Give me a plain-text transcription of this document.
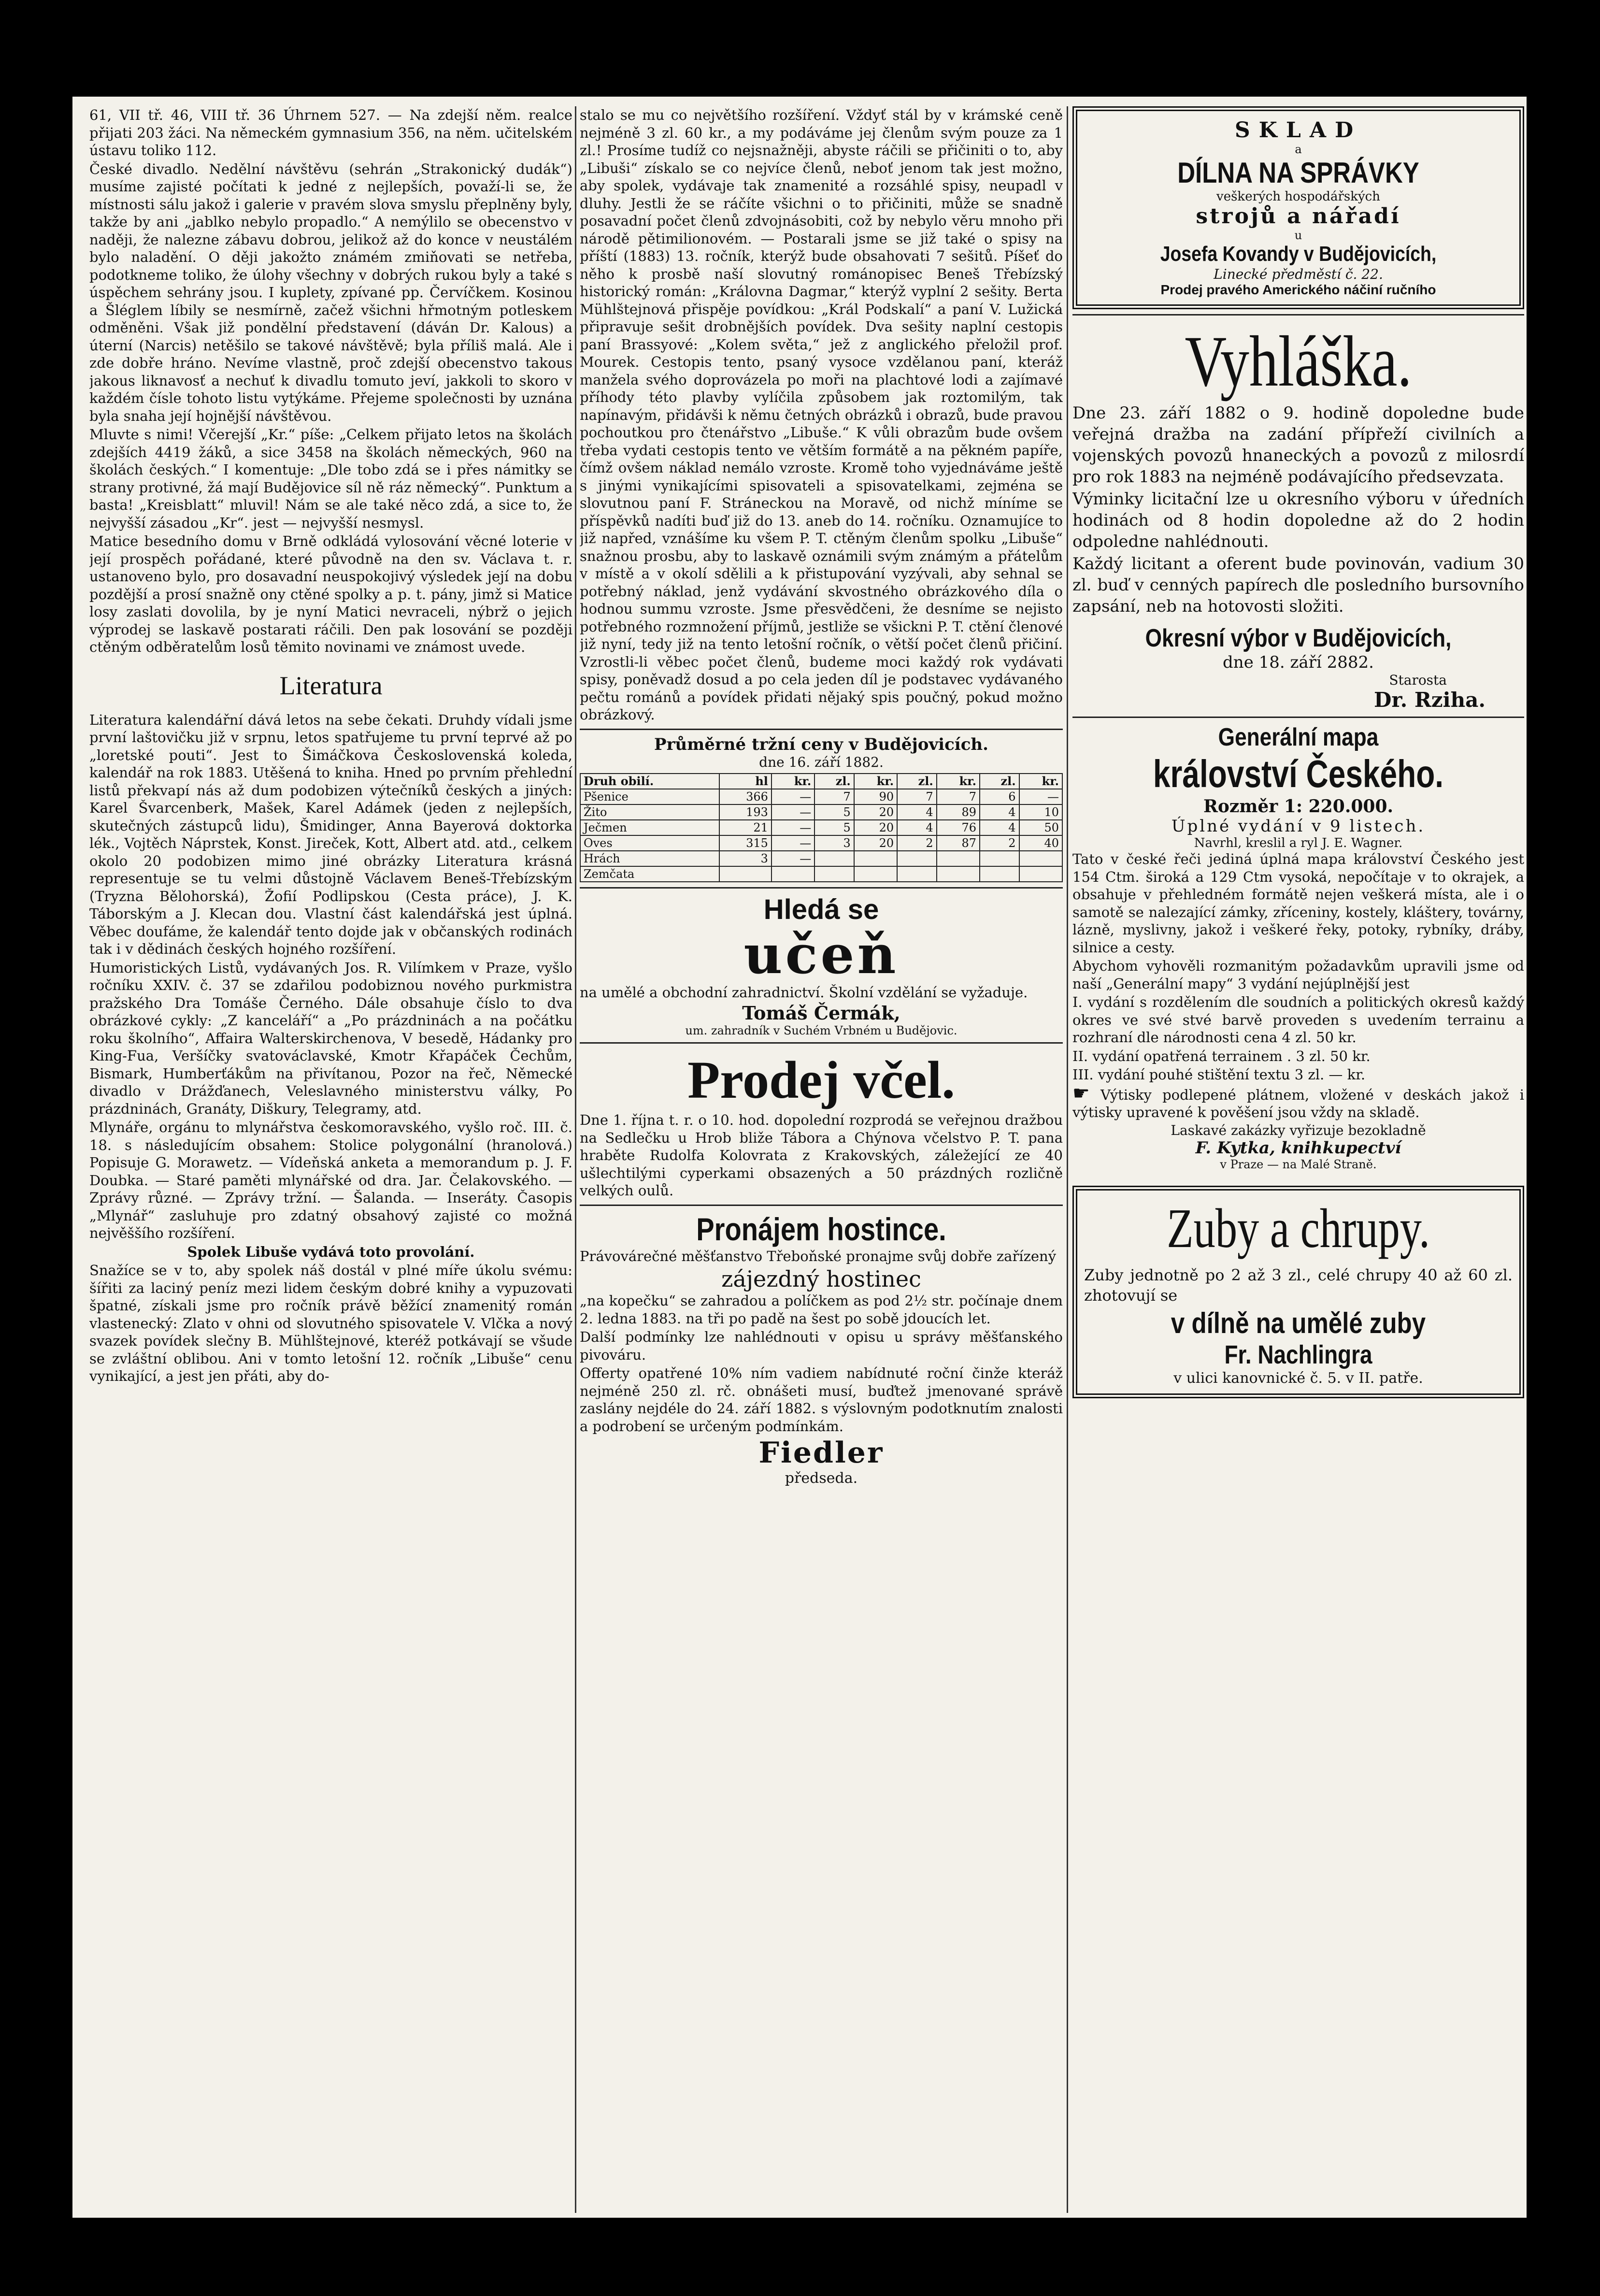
61, VII tř. 46, VIII tř. 36 Úhrnem 527. — Na zdejší něm. realce přijati 203 žáci. Na německém gymnasium 356, na něm. učitelském ústavu toliko 112.

České divadlo. Nedělní návštěvu (sehrán „Strakonický dudák“) musíme zajisté počítati k jedné z nejlepších, považí-li se, že místnosti sálu jakož i galerie v pravém slova smyslu přeplněny byly, takže by ani „jablko nebylo propadlo.“ A nemýlilo se obecenstvo v naději, že nalezne zábavu dobrou, jelikož až do konce v neustálém bylo naladění. O ději jakožto známém zmiňovati se netřeba, podotkneme toliko, že úlohy všechny v dobrých rukou byly a také s úspěchem sehrány jsou. I kuplety, zpívané pp. Červíčkem. Kosinou a Šléglem líbily se nesmírně, začež všichni hřmotným potleskem odměněni. Však již pondělní představení (dáván Dr. Kalous) a úterní (Narcis) netěšilo se takové návštěvě; byla příliš malá. Ale i zde dobře hráno. Nevíme vlastně, proč zdejší obecenstvo takous jakous liknavosť a nechuť k divadlu tomuto jeví, jakkoli to skoro v každém čísle tohoto listu vytýkáme. Přejeme společnosti by uznána byla snaha její hojnější návštěvou.

Mluvte s nimi! Včerejší „Kr.“ píše: „Celkem přijato letos na školách zdejších 4419 žáků, a sice 3458 na školách německých, 960 na školách českých.“ I komentuje: „Dle tobo zdá se i přes námitky se strany protivné, žá mají Budějovice síl ně ráz německý“. Punktum a basta! „Kreisblatt“ mluvil! Nám se ale také něco zdá, a sice to, že nejvyšší zásadou „Kr“. jest — nejvyšší nesmysl.

Matice besedního domu v Brně odkládá vylosování věcné loterie v její prospěch pořádané, které původně na den sv. Václava t. r. ustanoveno bylo, pro dosavadní neuspokojivý výsledek její na dobu pozdější a prosí snažně ony ctěné spolky a p. t. pány, jimž si Matice losy zaslati dovolila, by je nyní Matici nevraceli, nýbrž o jejich výprodej se laskavě postarati ráčili. Den pak losování se později ctěným odběratelům losů těmito novinami ve známost uvede.

Literatura

Literatura kalendářní dává letos na sebe čekati. Druhdy vídali jsme první laštovičku již v srpnu, letos spatřujeme tu první teprvé až po „loretské pouti“. Jest to Šimáčkova Československá koleda, kalendář na rok 1883. Utěšená to kniha. Hned po prvním přehlední listů překvapí nás až dum podobizen výtečníků českých a jiných: Karel Švarcenberk, Mašek, Karel Adámek (jeden z nejlepších, skutečných zástupců lidu), Šmidinger, Anna Bayerová doktorka lék., Vojtěch Náprstek, Konst. Jireček, Kott, Albert atd. atd., celkem okolo 20 podobizen mimo jiné obrázky Literatura krásná representuje se tu velmi důstojně Václavem Beneš-Třebízským (Tryzna Bělohorská), Žofií Podlipskou (Cesta práce), J. K. Táborským a J. Klecan dou. Vlastní část kalendářská jest úplná. Věbec doufáme, že kalendář tento dojde jak v občanských rodinách tak i v dědinách českých hojného rozšíření.

Humoristických Listů, vydávaných Jos. R. Vilímkem v Praze, vyšlo ročníku XXIV. č. 37 se zdařilou podobiznou nového purkmistra pražského Dra Tomáše Černého. Dále obsahuje číslo to dva obrázkové cykly: „Z kanceláří“ a „Po prázdninách a na počátku roku školního“, Affaira Walterskirchenova, V besedě, Hádanky pro King-Fua, Veršíčky svatováclavské, Kmotr Křapáček Čechům, Bismark, Humberťákům na přivítanou, Pozor na řeč, Německé divadlo v Drážďanech, Veleslavného ministerstvu války, Po prázdninách, Granáty, Diškury, Telegramy, atd.

Mlynáře, orgánu to mlynářstva českomoravského, vyšlo roč. III. č. 18. s následujícím obsahem: Stolice polygonální (hranolová.) Popisuje G. Morawetz. — Vídeňská anketa a memorandum p. J. F. Doubka. — Staré paměti mlynářské od dra. Jar. Čelakovského. — Zprávy různé. — Zprávy tržní. — Šalanda. — Inseráty. Časopis „Mlynář“ zasluhuje pro zdatný obsahový zajisté co možná nejvěššího rozšíření.

Spolek Libuše vydává toto provolání.

Snažíce se v to, aby spolek náš dostál v plné míře úkolu svému: šířiti za laciný peníz mezi lidem českým dobré knihy a vypuzovati špatné, získali jsme pro ročník právě běžící znamenitý román vlastenecký: Zlato v ohni od slovutného spisovatele V. Vlčka a nový svazek povídek slečny B. Mühlštejnové, kteréž potkávají se všude se zvláštní oblibou. Ani v tomto letošní 12. ročník „Libuše“ cenu vynikající, a jest jen přáti, aby do-

stalo se mu co největšího rozšíření. Vždyť stál by v krámské ceně nejméně 3 zl. 60 kr., a my podáváme jej členům svým pouze za 1 zl.! Prosíme tudíž co nejsnažněji, abyste ráčili se přičiniti o to, aby „Libuši“ získalo se co nejvíce členů, neboť jenom tak jest možno, aby spolek, vydávaje tak znamenité a rozsáhlé spisy, neupadl v dluhy. Jestli že se ráčíte všichni o to přičiniti, může se snadně posavadní počet členů zdvojnásobiti, což by nebylo věru mnoho při národě pětimilionovém. — Postarali jsme se již také o spisy na příští (1883) 13. ročník, kterýž bude obsahovati 7 sešitů. Píšeť do něho k prosbě naší slovutný románopisec Beneš Třebízský historický román: „Královna Dagmar,“ kterýž vyplní 2 sešity. Berta Mühlštejnová přispěje povídkou: „Král Podskalí“ a paní V. Lužická připravuje sešit drobnějších povídek. Dva sešity naplní cestopis paní Brassyové: „Kolem světa,“ jež z anglického přeložil prof. Mourek. Cestopis tento, psaný vysoce vzdělanou paní, kteráž manžela svého doprovázela po moři na plachtové lodi a zajímavé příhody této plavby vylíčila způsobem jak roztomilým, tak napínavým, přidávši k němu četných obrázků i obrazů, bude pravou pochoutkou pro čtenářstvo „Libuše.“ K vůli obrazům bude ovšem třeba vydati cestopis tento ve větším formátě a na pěkném papíře, čímž ovšem náklad nemálo vzroste. Kromě toho vyjednáváme ještě s jinými vynikajícími spisovateli a spisovatelkami, zejména se slovutnou paní F. Stráneckou na Moravě, od nichž míníme se příspěvků nadíti buď již do 13. aneb do 14. ročníku. Oznamujíce to již napřed, vznášíme ku všem P. T. ctěným členům spolku „Libuše“ snažnou prosbu, aby to laskavě oznámili svým známým a přátelům v místě a v okolí sdělili a k přistupování vyzývali, aby sehnal se potřebný náklad, jenž vydávání skvostného obrázkového díla o hodnou summu vzroste. Jsme přesvědčeni, že desníme se nejisto potřebného rozmnožení příjmů, jestliže se všickni P. T. ctění členové již nyní, tedy již na tento letošní ročník, o větší počet členů přičiní. Vzrostli-li věbec počet členů, budeme moci každý rok vydávati spisy, poněvadž dosud a po cela jeden díl je podstavec vydávaného pečtu románů a povídek přidati nějaký spis poučný, pokud možno obrázkový.

Průměrné tržní ceny v Budějovicích.
dne 16. září 1882.
Druh obilí.	hl	kr.	zl.	kr.	zl.	kr.	zl.	kr.
Pšenice	366	—	7	90	7	7	6	—
Žito	193	—	5	20	4	89	4	10
Ječmen	21	—	5	20	4	76	4	50
Oves	315	—	3	20	2	87	2	40
Hrách	3	—						
Zemčata								
Hledá se
učeň

na umělé a obchodní zahradnictví. Školní vzdělání se vyžaduje.

Tomáš Čermák,
um. zahradník v Suchém Vrbném u Budějovic.
Prodej včel.

Dne 1. října t. r. o 10. hod. dopolední rozprodá se veřejnou dražbou na Sedlečku u Hrob bliže Tábora a Chýnova včelstvo P. T. pana hraběte Rudolfa Kolovrata z Krakovských, záležející ze 40 ušlechtilými cyperkami obsazených a 50 prázdných rozličně velkých oulů.

Pronájem hostince.

Právovárečné měšťanstvo Třeboňské pronajme svůj dobře zařízený

zájezdný hostinec

„na kopečku“ se zahradou a políčkem as pod 2½ str. počínaje dnem 2. ledna 1883. na tři po padě na šest po sobě jdoucích let.

Další podmínky lze nahlédnouti v opisu u správy měšťanského pivováru.

Offerty opatřené 10% ním vadiem nabídnuté roční činže kteráž nejméně 250 zl. rč. obnášeti musí, buďtež jmenované správě zaslány nejdéle do 24. září 1882. s výslovným podotknutím znalosti a podrobení se určeným podmínkám.

Fiedler
předseda.
SKLAD
a
DÍLNA NA SPRÁVKY
veškerých hospodářských
strojů a nářadí
u
Josefa Kovandy v Budějovicích,
Linecké předměstí č. 22.
Prodej pravého Amerického náčiní ručního
Vyhláška.

Dne 23. září 1882 o 9. hodině dopoledne bude veřejná dražba na zadání přípřeží civilních a vojenských povozů hnaneckých a povozů z milosrdí pro rok 1883 na nejméně podávajícího předsevzata.

Výminky licitační lze u okresního výboru v úředních hodinách od 8 hodin dopoledne až do 2 hodin odpoledne nahlédnouti.

Každý licitant a oferent bude povinován, vadium 30 zl. buď v cenných papírech dle posledního bursovního zapsání, neb na hotovosti složiti.

Okresní výbor v Budějovicích,
dne 18. září 2882.
Starosta
Dr. Rziha.
Generální mapa
království Českého.
Rozměr 1: 220.000.
Úplné vydání v 9 listech.
Navrhl, kreslil a ryl J. E. Wagner.

Tato v české řeči jediná úplná mapa království Českého jest 154 Ctm. široká a 129 Ctm vysoká, nepočítaje v to okrajek, a obsahuje v přehledném formátě nejen veškerá místa, ale i o samotě se nalezající zámky, zříceniny, kostely, kláštery, továrny, lázně, myslivny, jakož i veškeré řeky, potoky, rybníky, dráby, silnice a cesty.

Abychom vyhověli rozmanitým požadavkům upravili jsme od naší „Generální mapy“ 3 vydání nejúplnější jest

I. vydání s rozdělením dle soudních a politických okresů každý okres ve své stvé barvě proveden s uvedením terrainu a rozhraní dle národnosti cena 4 zl. 50 kr.

II. vydání opatřená terrainem . 3 zl. 50 kr.

III. vydání pouhé stištění textu 3 zl. — kr.

☛ Výtisky podlepené plátnem, vložené v deskách jakož i výtisky upravené k pověšení jsou vždy na skladě.

Laskavé zakázky vyřizuje bezokladně
F. Kytka, knihkupectví
v Praze — na Malé Straně.
Zuby a chrupy.

Zuby jednotně po 2 až 3 zl., celé chrupy 40 až 60 zl. zhotovují se

v dílně na umělé zuby
Fr. Nachlingra
v ulici kanovnické č. 5. v II. patře.
